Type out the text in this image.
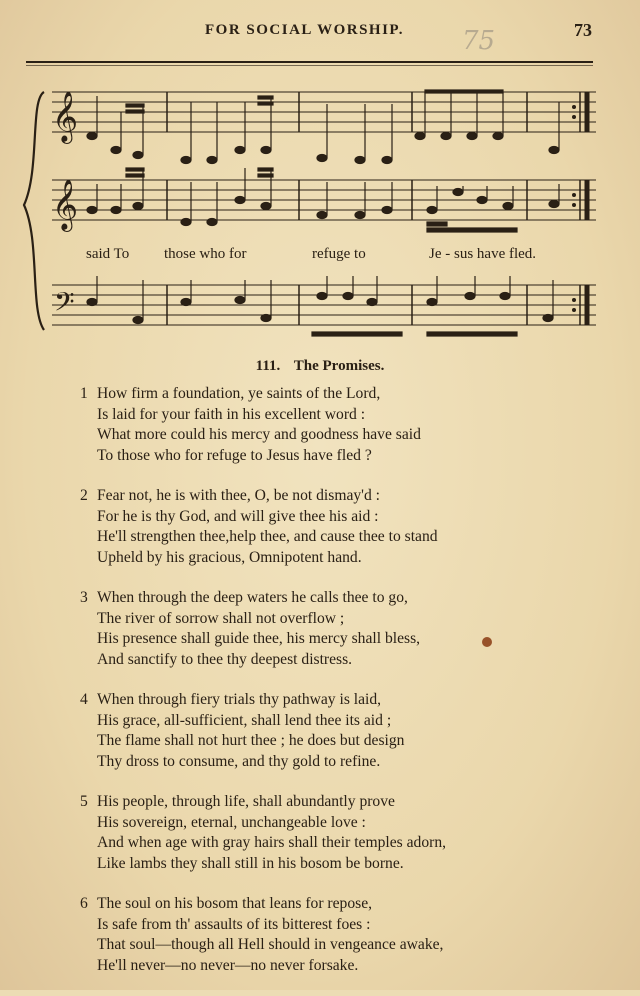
FOR SOCIAL WORSHIP. 75	73
𝄞
𝄞
𝄢
said To those who for	refuge to	Je - sus have fled.
111. The Promises.
1 How firm a foundation, ye saints of the Lord,
Is laid for your faith in his excellent word :
What more could his mercy and goodness have said
To those who for refuge to Jesus have fled ?
2 Fear not, he is with thee, O, be not dismay'd :
For he is thy God, and will give thee his aid :
He'll strengthen thee,help thee, and cause thee to stand
Upheld by his gracious, Omnipotent hand.
3 When through the deep waters he calls thee to go,
The river of sorrow shall not overflow ;
His presence shall guide thee, his mercy shall bless,
And sanctify to thee thy deepest distress.
4 When through fiery trials thy pathway is laid,
His grace, all-sufficient, shall lend thee its aid ;
The flame shall not hurt thee ; he does but design
Thy dross to consume, and thy gold to refine.
5 His people, through life, shall abundantly prove
His sovereign, eternal, unchangeable love :
And when age with gray hairs shall their temples adorn,
Like lambs they shall still in his bosom be borne.
6 The soul on his bosom that leans for repose,
Is safe from th' assaults of its bitterest foes :
That soul—though all Hell should in vengeance awake,
He'll never—no never—no never forsake.
